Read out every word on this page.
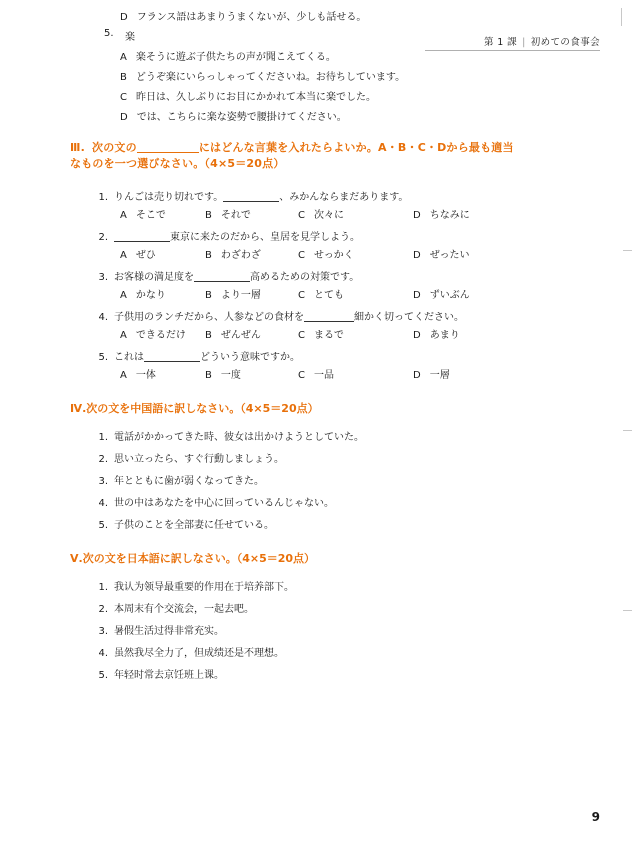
第 1 課 | 初めての食事会
D フランス語はあまりうまくないが、少しも話せる。
5. 楽
A 楽そうに遊ぶ子供たちの声が聞こえてくる。
B どうぞ楽にいらっしゃってくださいね。お待ちしています。
C 昨日は、久しぶりにお目にかかれて本当に楽でした。
D では、こちらに楽な姿勢で腰掛けてください。
Ⅲ. 次の文の	にはどんな言葉を入れたらよいか。A・B・C・Dから最も適当
なものを一つ選びなさい。（4×5＝20点）
1. りんごは売り切れです。	、みかんならまだあります。
A そこで	B それで	C 次々に	D ちなみに
2.	東京に来たのだから、皇居を見学しよう。
A ぜひ	B わざわざ	C せっかく	D ぜったい
3. お客様の満足度を	高めるための対策です。
A かなり	B より一層	C とても	D ずいぶん
4. 子供用のランチだから、人参などの食材を	細かく切ってください。
A できるだけ B ぜんぜん	C まるで	D あまり
5. これは	どういう意味ですか。
A 一体	B 一度	C 一品	D 一層
Ⅳ.次の文を中国語に訳しなさい。（4×5＝20点）
1. 電話がかかってきた時、彼女は出かけようとしていた。
2. 思い立ったら、すぐ行動しましょう。
3. 年とともに歯が弱くなってきた。
4. 世の中はあなたを中心に回っているんじゃない。
5. 子供のことを全部妻に任せている。
Ⅴ.次の文を日本語に訳しなさい。（4×5＝20点）
1. 我认为领导最重要的作用在于培养部下。
2. 本周末有个交流会，一起去吧。
3. 暑假生活过得非常充实。
4. 虽然我尽全力了，但成绩还是不理想。
5. 年轻时常去京饪班上课。
9
